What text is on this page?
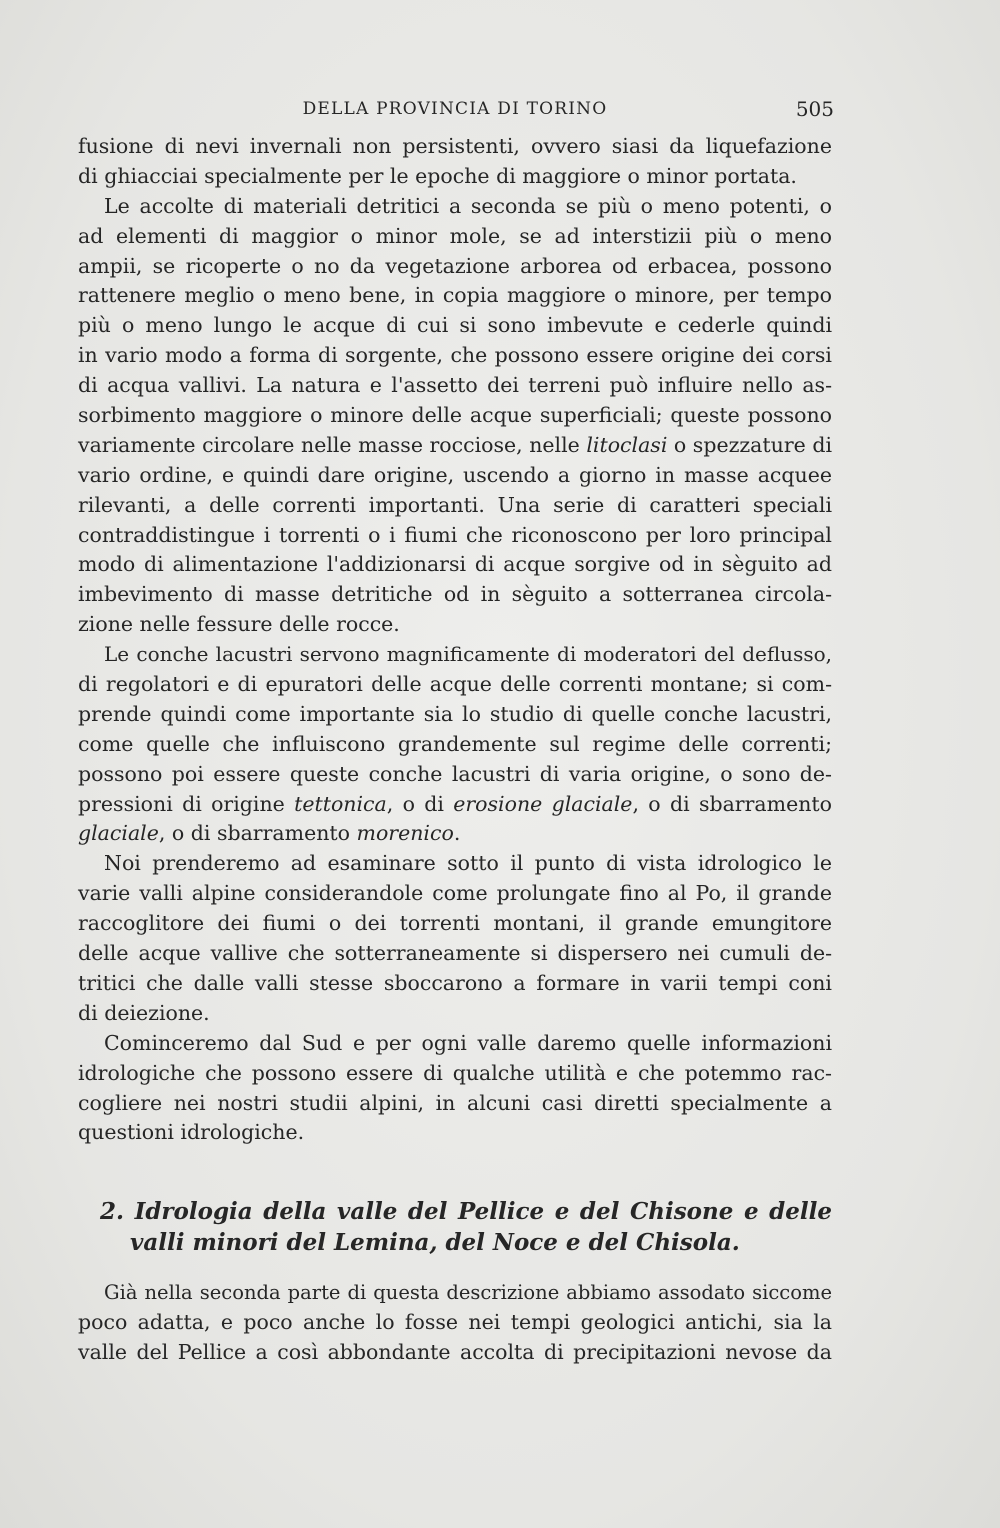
DELLA PROVINCIA DI TORINO	505
fusione di nevi invernali non persistenti, ovvero siasi da liquefazione
di ghiacciai specialmente per le epoche di maggiore o minor portata.
Le accolte di materiali detritici a seconda se più o meno potenti, o
ad elementi di maggior o minor mole, se ad interstizii più o meno
ampii, se ricoperte o no da vegetazione arborea od erbacea, possono
rattenere meglio o meno bene, in copia maggiore o minore, per tempo
più o meno lungo le acque di cui si sono imbevute e cederle quindi
in vario modo a forma di sorgente, che possono essere origine dei corsi
di acqua vallivi. La natura e l'assetto dei terreni può influire nello as-
sorbimento maggiore o minore delle acque superficiali; queste possono
variamente circolare nelle masse rocciose, nelle litoclasi o spezzature di
vario ordine, e quindi dare origine, uscendo a giorno in masse acquee
rilevanti, a delle correnti importanti. Una serie di caratteri speciali
contraddistingue i torrenti o i fiumi che riconoscono per loro principal
modo di alimentazione l'addizionarsi di acque sorgive od in sèguito ad
imbevimento di masse detritiche od in sèguito a sotterranea circola-
zione nelle fessure delle rocce.
Le conche lacustri servono magnificamente di moderatori del deflusso,
di regolatori e di epuratori delle acque delle correnti montane; si com-
prende quindi come importante sia lo studio di quelle conche lacustri,
come quelle che influiscono grandemente sul regime delle correnti;
possono poi essere queste conche lacustri di varia origine, o sono de-
pressioni di origine tettonica, o di erosione glaciale, o di sbarramento
glaciale, o di sbarramento morenico.
Noi prenderemo ad esaminare sotto il punto di vista idrologico le
varie valli alpine considerandole come prolungate fino al Po, il grande
raccoglitore dei fiumi o dei torrenti montani, il grande emungitore
delle acque vallive che sotterraneamente si dispersero nei cumuli de-
tritici che dalle valli stesse sboccarono a formare in varii tempi coni
di deiezione.
Cominceremo dal Sud e per ogni valle daremo quelle informazioni
idrologiche che possono essere di qualche utilità e che potemmo rac-
cogliere nei nostri studii alpini, in alcuni casi diretti specialmente a
questioni idrologiche.
2. Idrologia della valle del Pellice e del Chisone e delle
valli minori del Lemina, del Noce e del Chisola.
Già nella seconda parte di questa descrizione abbiamo assodato siccome
poco adatta, e poco anche lo fosse nei tempi geologici antichi, sia la
valle del Pellice a così abbondante accolta di precipitazioni nevose da
